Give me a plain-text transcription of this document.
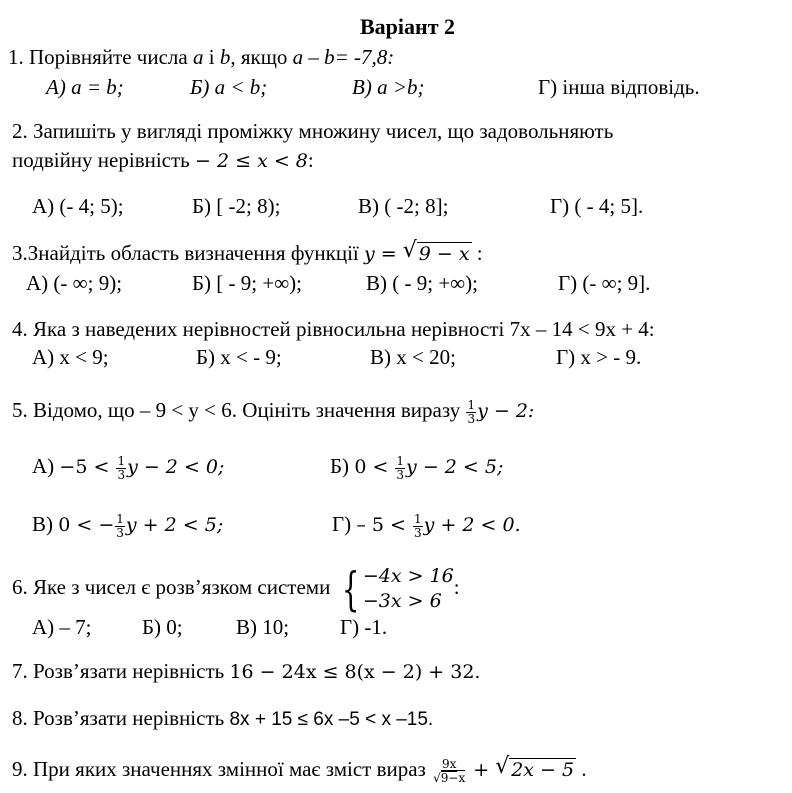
Варіант 2
1. Порівняйте числа a і b, якщо a – b= -7,8:
А) a = b;	Б) a < b;	В) a >b;	Г) інша відповідь.
2. Запишіть у вигляді проміжку множину чисел, що задовольняють
подвійну нерівність − 2 ≤ x < 8:
А) (- 4; 5);	Б) [ -2; 8);	В) ( -2; 8];	Г) ( - 4; 5].
3.Знайдіть область визначення функції y = √ 9 − x :
А) (- ∞; 9);	Б) [ - 9; +∞);	В) ( - 9; +∞);	Г) (- ∞; 9].
4. Яка з наведених нерівностей рівносильна нерівності 7x – 14 < 9x + 4:
А) x < 9;	Б) x < - 9;	В) x < 20;	Г) x > - 9.
5. Відомо, що – 9 < y < 6. Оцініть значення виразу $\frac{1}{3}$ y − 2:
$А) -5 < \frac{1}{3}$ y − 2 < 0;	Б) $0 < \frac{1}{3}$ y − 2 < 5;
В) 0 < − $\frac{1}{3}$ y + 2 < 5;	$Г) - 5 < \frac{1}{3}$ y + 2 < 0.
6. Яке з чисел є розв’язком системи { −4x > 16
−3x > 6
:
А) – 7; Б) 0;	В) 10; Г) -1.
7. Розв’язати нерівність 16 − 24x ≤ 8(x − 2) + 32.
8. Розв’язати нерівність 8x + 15 ≤ 6x –5 < x –15.
9. При яких значеннях змінної має зміст вираз $\frac{9x}{√9-x}$ + √ 2x − 5 .
